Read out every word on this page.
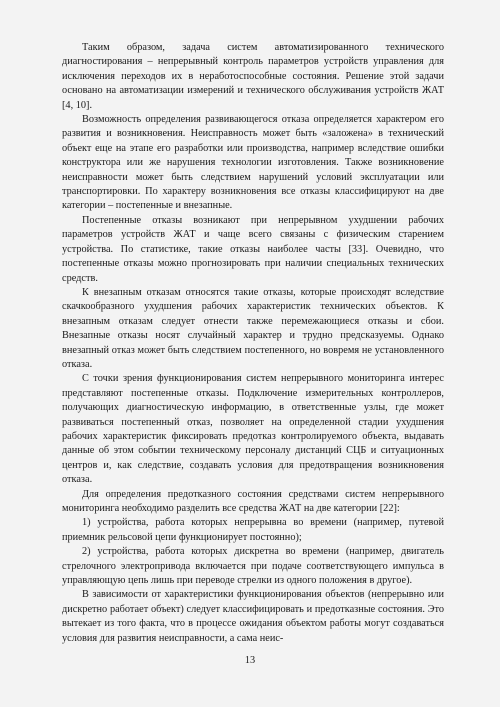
Таким образом, задача систем автоматизированного технического диагностирования – непрерывный контроль параметров устройств управления для исключения переходов их в неработоспособные состояния. Решение этой задачи основано на автоматизации измерений и технического обслуживания устройств ЖАТ [4, 10].

Возможность определения развивающегося отказа определяется характером его развития и возникновения. Неисправность может быть «заложена» в технический объект еще на этапе его разработки или производства, например вследствие ошибки конструктора или же нарушения технологии изготовления. Также возникновение неисправности может быть следствием нарушений условий эксплуатации или транспортировки. По характеру возникновения все отказы классифицируют на две категории – постепенные и внезапные.

Постепенные отказы возникают при непрерывном ухудшении рабочих параметров устройств ЖАТ и чаще всего связаны с физическим старением устройства. По статистике, такие отказы наиболее часты [33]. Очевидно, что постепенные отказы можно прогнозировать при наличии специальных технических средств.

К внезапным отказам относятся такие отказы, которые происходят вследствие скачкообразного ухудшения рабочих характеристик технических объектов. К внезапным отказам следует отнести также перемежающиеся отказы и сбои. Внезапные отказы носят случайный характер и трудно предсказуемы. Однако внезапный отказ может быть следствием постепенного, но вовремя не установленного отказа.

С точки зрения функционирования систем непрерывного мониторинга интерес представляют постепенные отказы. Подключение измерительных контроллеров, получающих диагностическую информацию, в ответственные узлы, где может развиваться постепенный отказ, позволяет на определенной стадии ухудшения рабочих характеристик фиксировать предотказ контролируемого объекта, выдавать данные об этом событии техническому персоналу дистанций СЦБ и ситуационных центров и, как следствие, создавать условия для предотвращения возникновения отказа.

Для определения предотказного состояния средствами систем непрерывного мониторинга необходимо разделить все средства ЖАТ на две категории [22]:

1) устройства, работа которых непрерывна во времени (например, путевой приемник рельсовой цепи функционирует постоянно);

2) устройства, работа которых дискретна во времени (например, двигатель стрелочного электропривода включается при подаче соответствующего импульса в управляющую цепь лишь при переводе стрелки из одного положения в другое).

В зависимости от характеристики функционирования объектов (непрерывно или дискретно работает объект) следует классифицировать и предотказные состояния. Это вытекает из того факта, что в процессе ожидания объектом работы могут создаваться условия для развития неисправности, а сама неис-

13
